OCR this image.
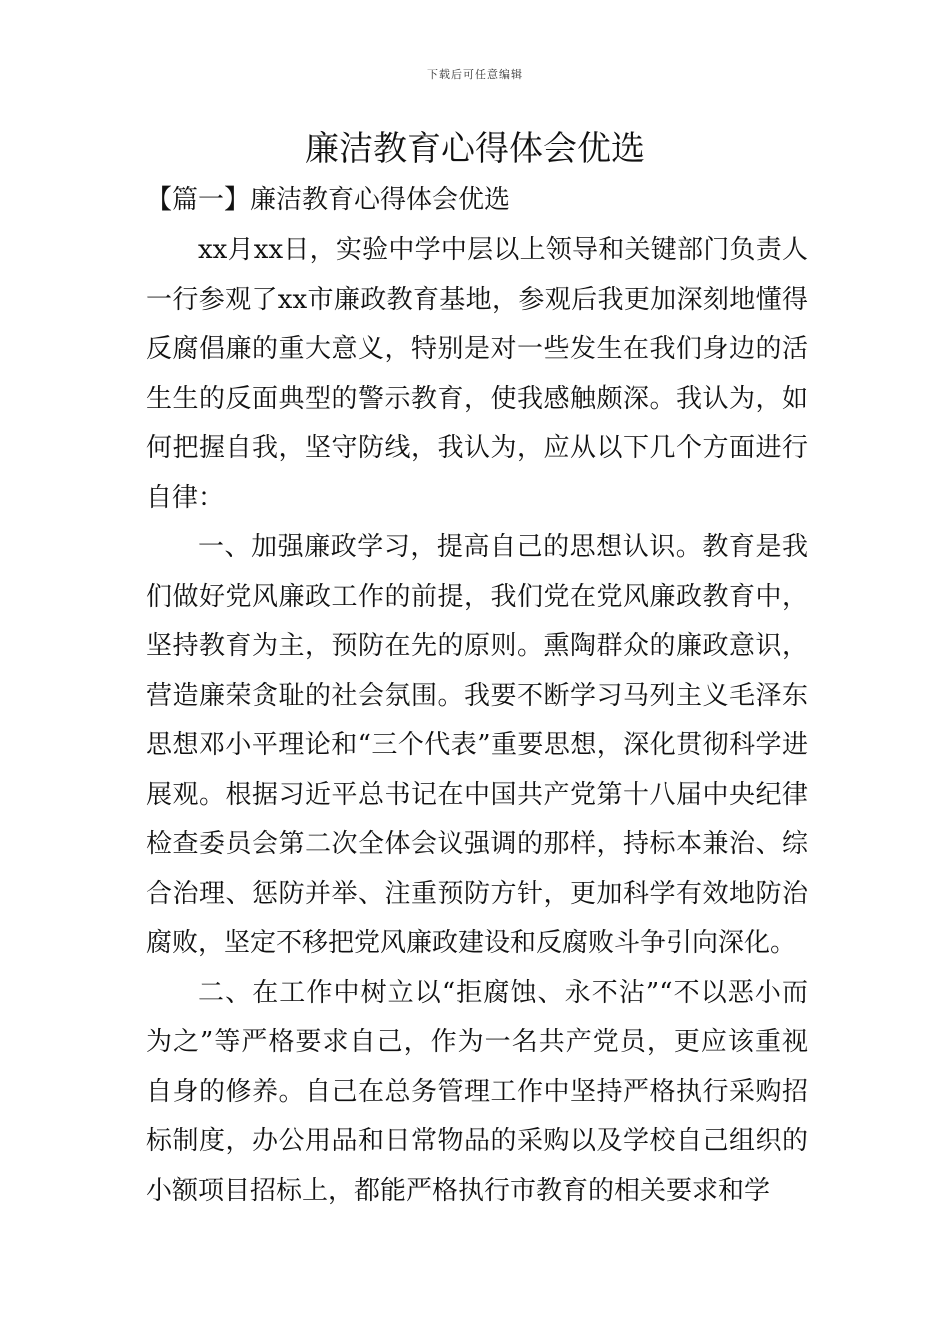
下载后可任意编辑
廉洁教育心得体会优选
【篇一】廉洁教育心得体会优选

xx月xx日，实验中学中层以上领导和关键部门负责人一行参观了xx市廉政教育基地，参观后我更加深刻地懂得反腐倡廉的重大意义，特别是对一些发生在我们身边的活生生的反面典型的警示教育，使我感触颇深。我认为，如何把握自我，坚守防线，我认为，应从以下几个方面进行自律：

一、加强廉政学习，提高自己的思想认识。教育是我们做好党风廉政工作的前提，我们党在党风廉政教育中，坚持教育为主，预防在先的原则。熏陶群众的廉政意识，营造廉荣贪耻的社会氛围。我要不断学习马列主义毛泽东思想邓小平理论和“三个代表”重要思想，深化贯彻科学进展观。根据习近平总书记在中国共产党第十八届中央纪律检查委员会第二次全体会议强调的那样，持标本兼治、综合治理、惩防并举、注重预防方针，更加科学有效地防治腐败，坚定不移把党风廉政建设和反腐败斗争引向深化。

二、在工作中树立以“拒腐蚀、永不沾”“不以恶小而为之”等严格要求自己，作为一名共产党员，更应该重视自身的修养。自己在总务管理工作中坚持严格执行采购招标制度，办公用品和日常物品的采购以及学校自己组织的小额项目招标上，都能严格执行市教育的相关要求和学
